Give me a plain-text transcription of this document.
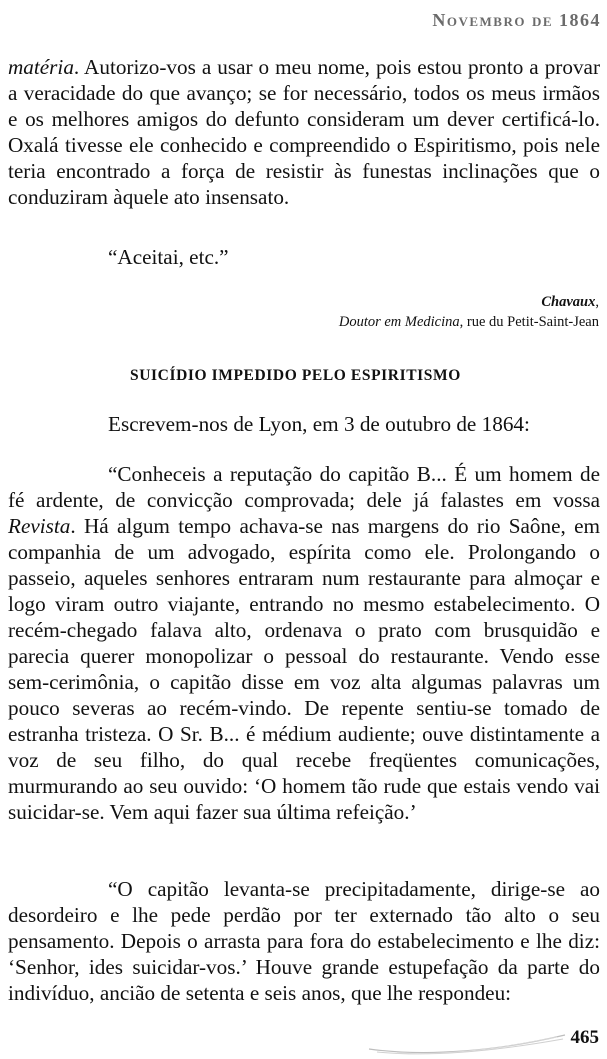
Novembro de 1864

matéria. Autorizo-vos a usar o meu nome, pois estou pronto a provar a veracidade do que avanço; se for necessário, todos os meus irmãos e os melhores amigos do defunto consideram um dever certificá-lo. Oxalá tivesse ele conhecido e compreendido o Espiritismo, pois nele teria encontrado a força de resistir às funestas inclinações que o conduziram àquele ato insensato.

“Aceitai, etc.”

Chavaux,
Doutor em Medicina, rue du Petit-Saint-Jean
SUICÍDIO IMPEDIDO PELO ESPIRITISMO

Escrevem-nos de Lyon, em 3 de outubro de 1864:

“Conheceis a reputação do capitão B... É um homem de fé ardente, de convicção comprovada; dele já falastes em vossa Revista. Há algum tempo achava-se nas margens do rio Saône, em companhia de um advogado, espírita como ele. Prolongando o passeio, aqueles senhores entraram num restaurante para almoçar e logo viram outro viajante, entrando no mesmo estabelecimento. O recém-chegado falava alto, ordenava o prato com brusquidão e parecia querer monopolizar o pessoal do restaurante. Vendo esse sem-cerimônia, o capitão disse em voz alta algumas palavras um pouco severas ao recém-vindo. De repente sentiu-se tomado de estranha tristeza. O Sr. B... é médium audiente; ouve distintamente a voz de seu filho, do qual recebe freqüentes comunicações, murmurando ao seu ouvido: ‘O homem tão rude que estais vendo vai suicidar-se. Vem aqui fazer sua última refeição.’

“O capitão levanta-se precipitadamente, dirige-se ao desordeiro e lhe pede perdão por ter externado tão alto o seu pensamento. Depois o arrasta para fora do estabelecimento e lhe diz: ‘Senhor, ides suicidar-vos.’ Houve grande estupefação da parte do indivíduo, ancião de setenta e seis anos, que lhe respondeu:

465
